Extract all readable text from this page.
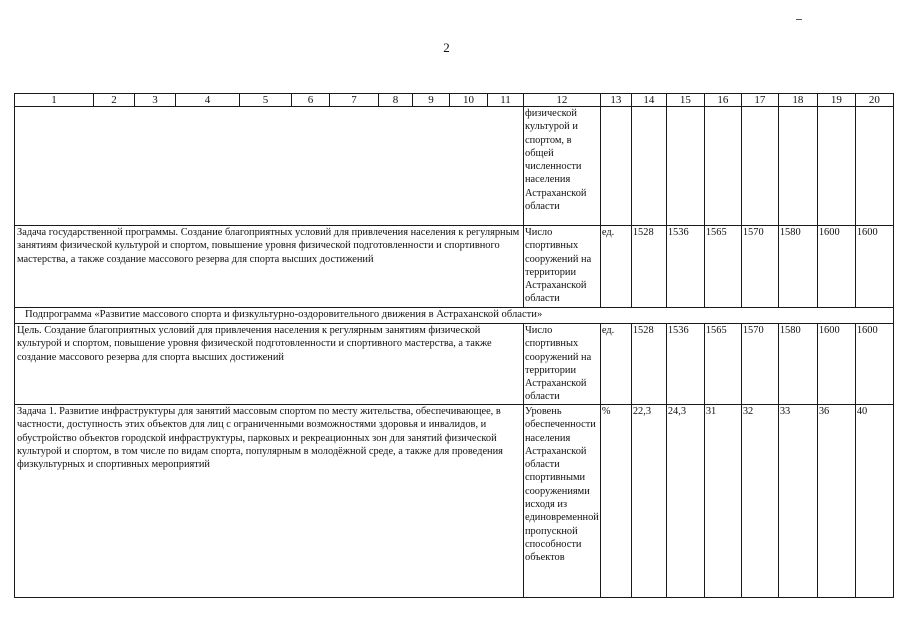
2
1	2	3	4	5	6	7	8	9	10	11	12	13	14	15	16	17	18	19	20
											физической культурой и спортом, в общей численности населения Астраханской области								
Задача государственной программы. Создание благоприятных условий для привлечения населения к регулярным занятиям физической культурой и спортом, повышение уровня физической подготовленности и спортивного мастерства, а также создание массового резерва для спорта высших достижений											Число спортивных сооружений на территории Астраханской области	ед.	1528	1536	1565	1570	1580	1600	1600
Подпрограмма «Развитие массового спорта и физкультурно-оздоровительного движения в Астраханской области»																			
Цель. Создание благоприятных условий для привлечения населения к регулярным занятиям физической культурой и спортом, повышение уровня физической подготовленности и спортивного мастерства, а также создание массового резерва для спорта высших достижений											Число спортивных сооружений на территории Астраханской области	ед.	1528	1536	1565	1570	1580	1600	1600
Задача 1. Развитие инфраструктуры для занятий массовым спортом по месту жительства, обеспечивающее, в частности, доступность этих объектов для лиц с ограниченными возможностями здоровья и инвалидов, и обустройство объектов городской инфраструктуры, парковых и рекреационных зон для занятий физической культурой и спортом, в том числе по видам спорта, популярным в молодёжной среде, а также для проведения физкультурных и спортивных мероприятий											Уровень обеспеченности населения Астраханской области спортивными сооружениями исходя из единовременной пропускной способности объектов	%	22,3	24,3	31	32	33	36	40
